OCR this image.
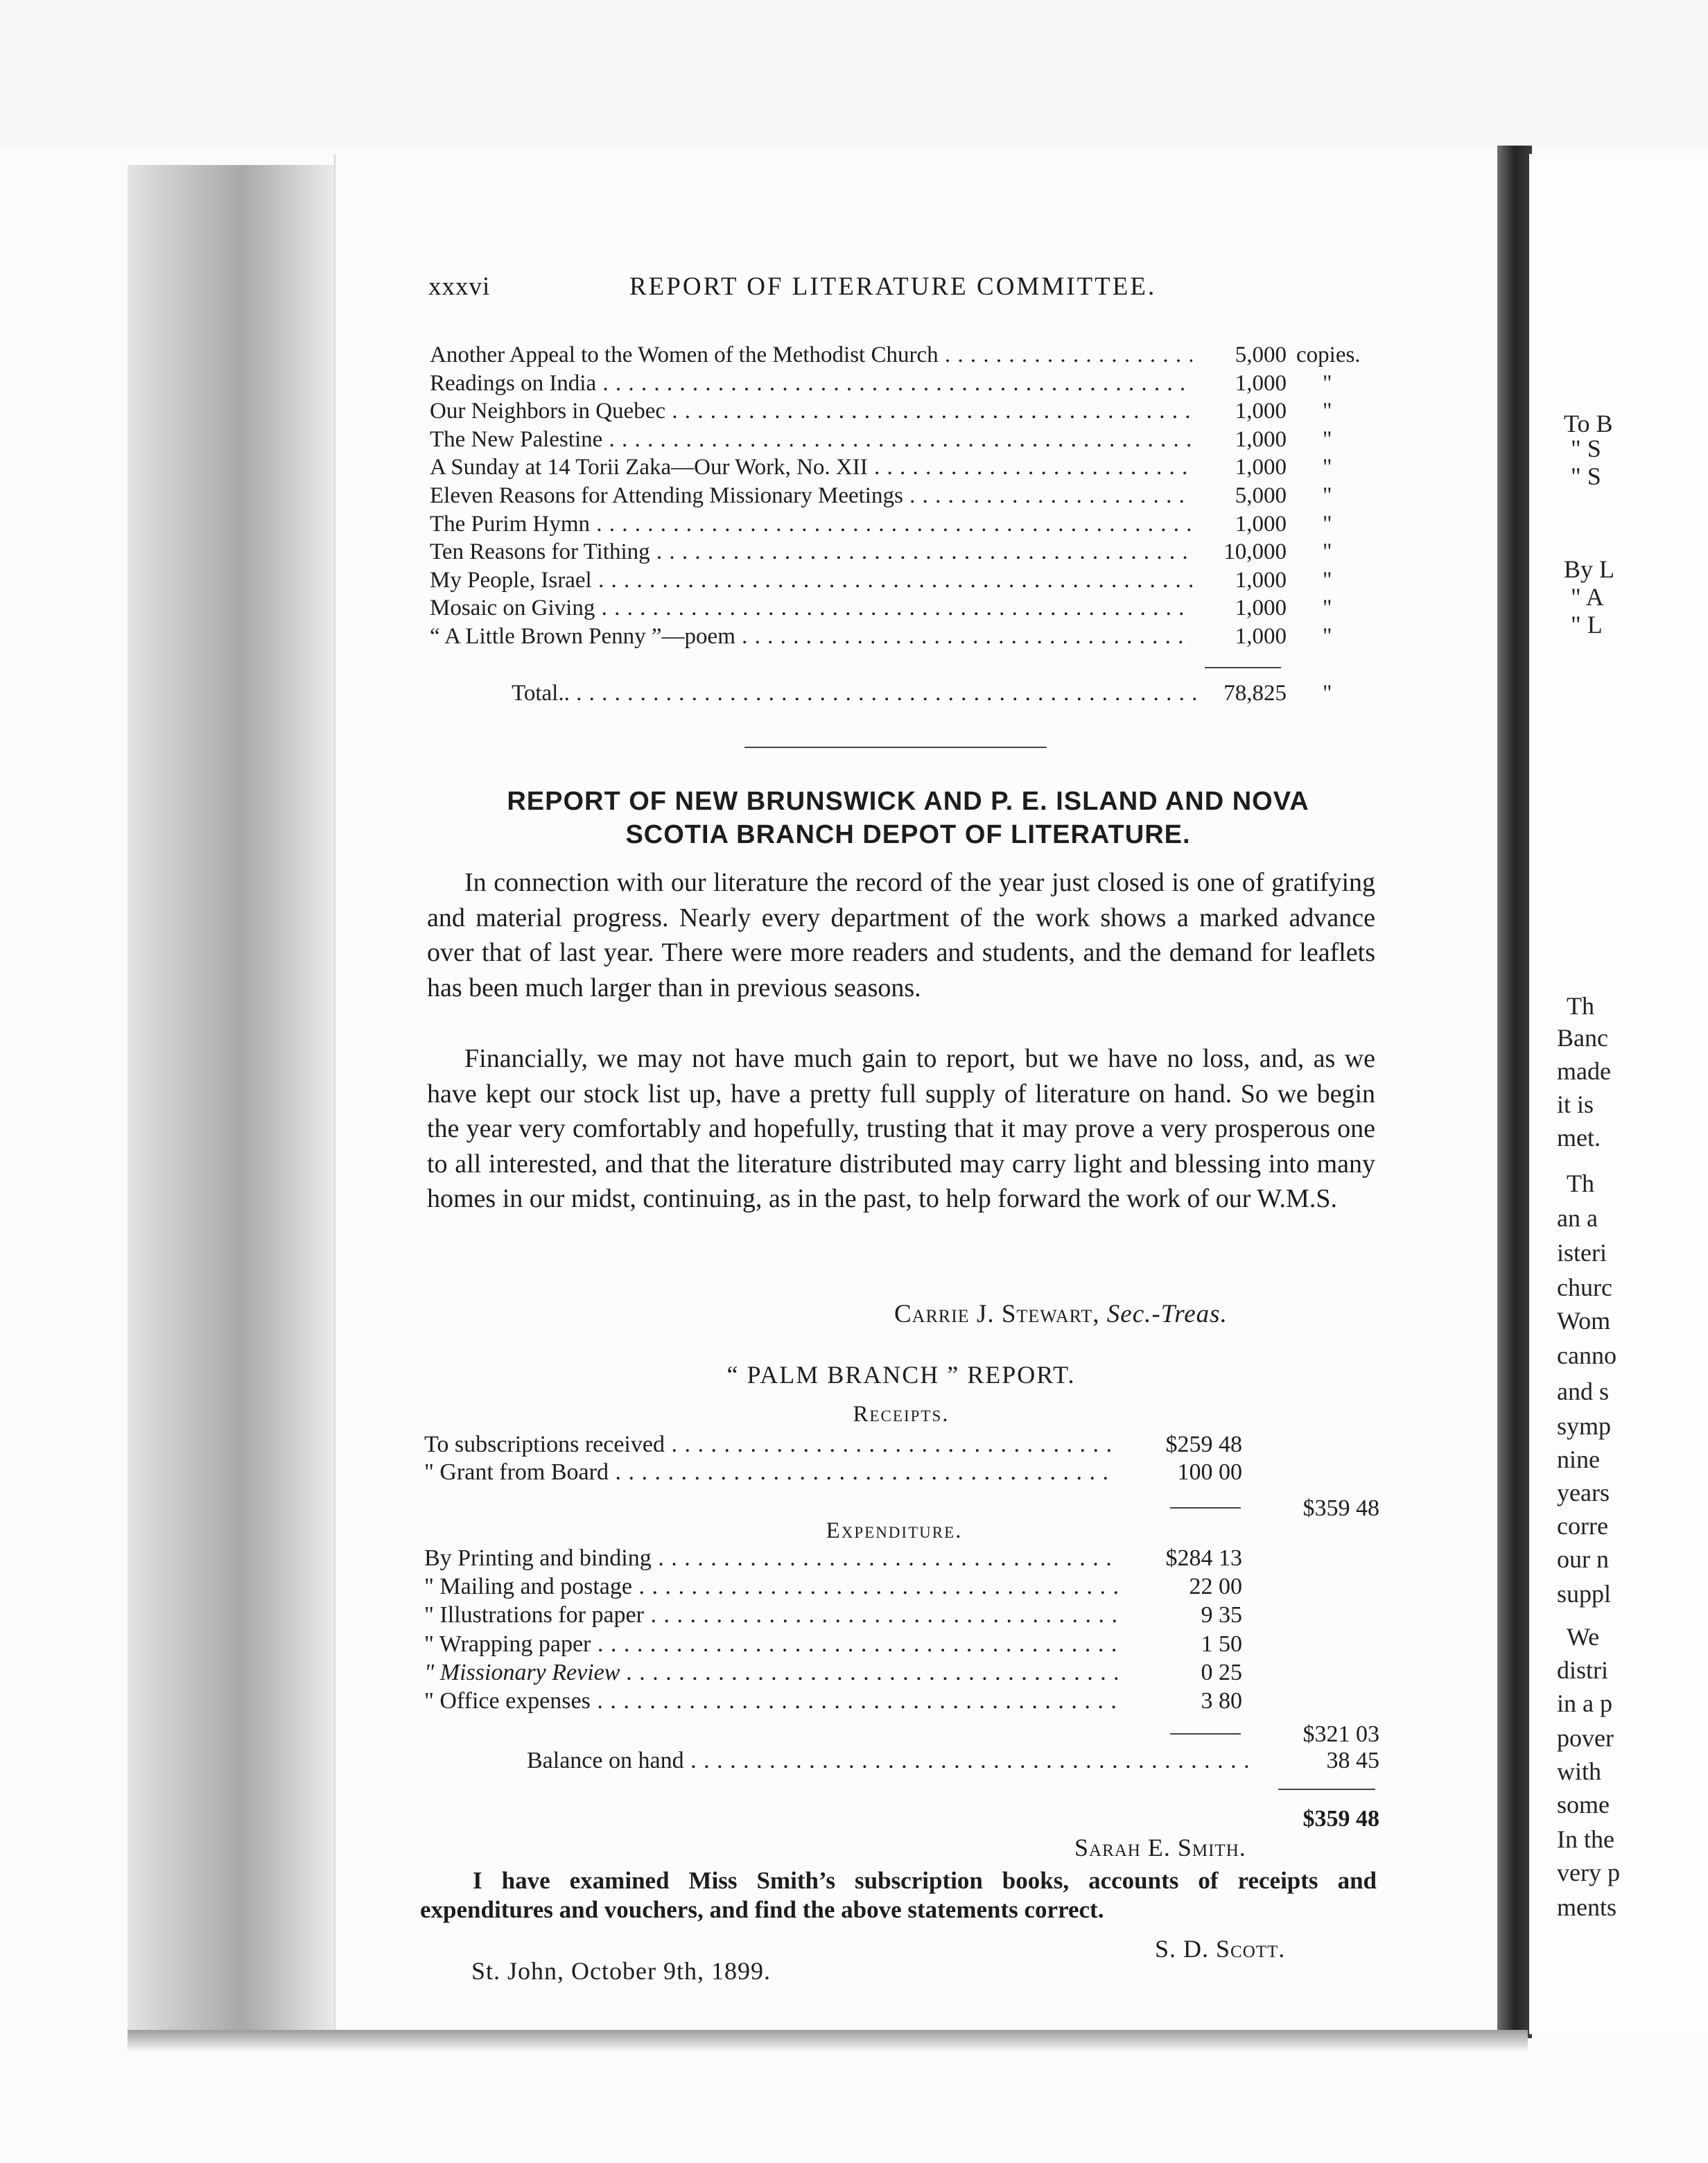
To B
" S
" S
By L
" A
" L
Th
Banc
made
it is
met.
Th
an a
isteri
churc
Wom
canno
and s
symp
nine
years
corre
our n
suppl
We
distri
in a p
pover
with
some
In the
very p
ments
xxxvi	REPORT OF LITERATURE COMMITTEE.
Another Appeal to the Women of the Methodist Church . . .	5,000 copies.
Readings on India . . .	1,000 "
Our Neighbors in Quebec . . .	1,000 "
The New Palestine . . .	1,000 "
A Sunday at 14 Torii Zaka—Our Work, No. XII . . .	1,000 "
Eleven Reasons for Attending Missionary Meetings . . .	5,000 "
The Purim Hymn . . .	1,000 "
Ten Reasons for Tithing . . .	10,000 "
My People, Israel . . .	1,000 "
Mosaic on Giving . . .	1,000 "
“ A Little Brown Penny ”—poem . . .	1,000 "
Total.. . . .	78,825 "
REPORT OF NEW BRUNSWICK AND P. E. ISLAND AND NOVA
SCOTIA BRANCH DEPOT OF LITERATURE.
In connection with our literature the record of the year just closed is one of gratifying and material progress. Nearly every department of the work shows a marked advance over that of last year. There were more readers and students, and the demand for leaflets has been much larger than in previous seasons.
Financially, we may not have much gain to report, but we have no loss, and, as we have kept our stock list up, have a pretty full supply of literature on hand. So we begin the year very comfortably and hopefully, trusting that it may prove a very prosperous one to all interested, and that the literature distributed may carry light and blessing into many homes in our midst, continuing, as in the past, to help forward the work of our W.M.S.
Carrie J. Stewart, Sec.-Treas.
“ PALM BRANCH ” REPORT.
Receipts.
To subscriptions received . . .	$259 48
" Grant from Board . . .	100 00
$359 48
Expenditure.
By Printing and binding . . .	$284 13
" Mailing and postage . . .	22 00
" Illustrations for paper . . .	9 35
" Wrapping paper . . .	1 50
" Missionary Review . . .	0 25
" Office expenses . . .	3 80
$321 03
Balance on hand . . .	38 45
$359 48
Sarah E. Smith.
I have examined Miss Smith’s subscription books, accounts of receipts and expenditures and vouchers, and find the above statements correct.
S. D. Scott.
St. John, October 9th, 1899.
